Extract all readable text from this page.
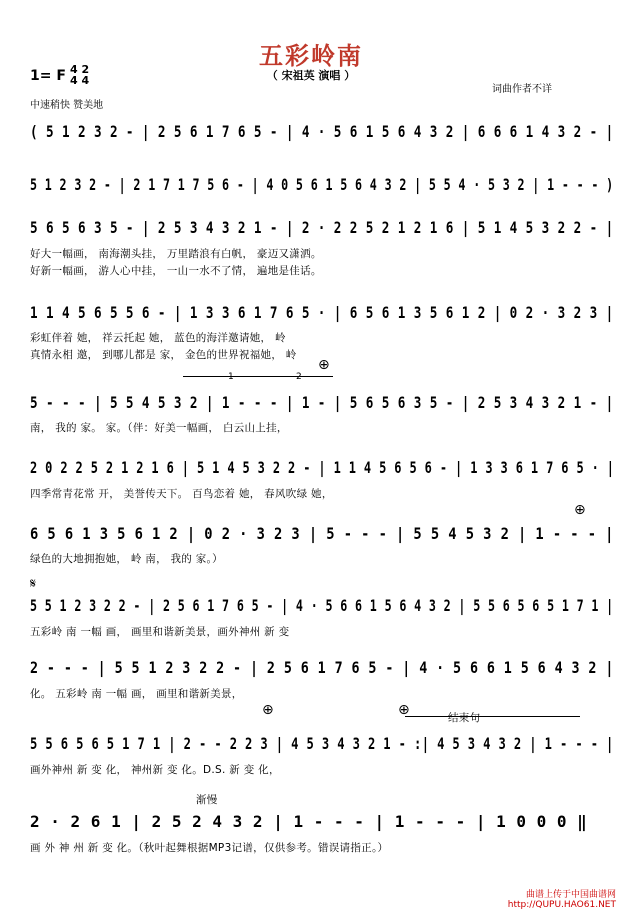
五彩岭南
（ 宋祖英 演唱 ）
1= F 4 2
4 4
中速稍快 赞美地
词曲作者不详
( 5 1 2 3 2 - | 2 5 6 1 7 6 5 - | 4 · 5 6 1 5 6 4 3 2 | 6 6 6 1 4 3 2 - |
5 1 2 3 2 - | 2 1 7 1 7 5 6 - | 4 0 5 6 1 5 6 4 3 2 | 5 5 4 · 5 3 2 | 1 - - - )
5 6 5 6 3 5 - | 2 5 3 4 3 2 1 - | 2 · 2 2 5 2 1 2 1 6 | 5 1 4 5 3 2 2 - |
好大一幅画， 南海潮头挂， 万里踏浪有白帆， 豪迈又潇洒。
好新一幅画， 游人心中挂， 一山一水不了情， 遍地是佳话。
1 1 4 5 6 5 5 6 - | 1 3 3 6 1 7 6 5 · | 6 5 6 1 3 5 6 1 2 | 0 2 · 3 2 3 |
彩虹伴着 她， 祥云托起 她， 蓝色的海洋邀请她， 岭
真情永相 邀， 到哪儿都是 家， 金色的世界祝福她， 岭
1	2
⊕
5 - - - | 5 5 4 5 3 2 | 1 - - - | 1 - | 5 6 5 6 3 5 - | 2 5 3 4 3 2 1 - |
南， 我的 家。 家。（伴：好美一幅画， 白云山上挂，
2 0 2 2 5 2 1 2 1 6 | 5 1 4 5 3 2 2 - | 1 1 4 5 6 5 6 - | 1 3 3 6 1 7 6 5 · |
四季常青花常 开， 美誉传天下。 百鸟恋着 她， 春风吹绿 她，
⊕
6 5 6 1 3 5 6 1 2 | 0 2 · 3 2 3 | 5 - - - | 5 5 4 5 3 2 | 1 - - - |
绿色的大地拥抱她， 岭 南， 我的 家。）
𝄋
5 5 1 2 3 2 2 - | 2 5 6 1 7 6 5 - | 4 · 5 6 6 1 5 6 4 3 2 | 5 5 6 5 6 5 1 7 1 |
五彩岭 南 一幅 画， 画里和谐新美景，画外神州 新 变
2 - - - | 5 5 1 2 3 2 2 - | 2 5 6 1 7 6 5 - | 4 · 5 6 6 1 5 6 4 3 2 |
化。 五彩岭 南 一幅 画， 画里和谐新美景，
⊕	⊕	结束句
5 5 6 5 6 5 1 7 1 | 2 - - 2 2 3 | 4 5 3 4 3 2 1 - :| 4 5 3 4 3 2 | 1 - - - |
画外神州 新 变 化， 神州新 变 化。D.S. 新 变 化，
渐慢
2 · 2 6 1 | 2 5 2 4 3 2 | 1 - - - | 1 - - - | 1 0 0 0 ‖
画 外 神 州 新 变 化。（秋叶起舞根据MP3记谱，仅供参考。错误请指正。）
曲谱上传于中国曲谱网
http://QUPU.HAO61.NET
